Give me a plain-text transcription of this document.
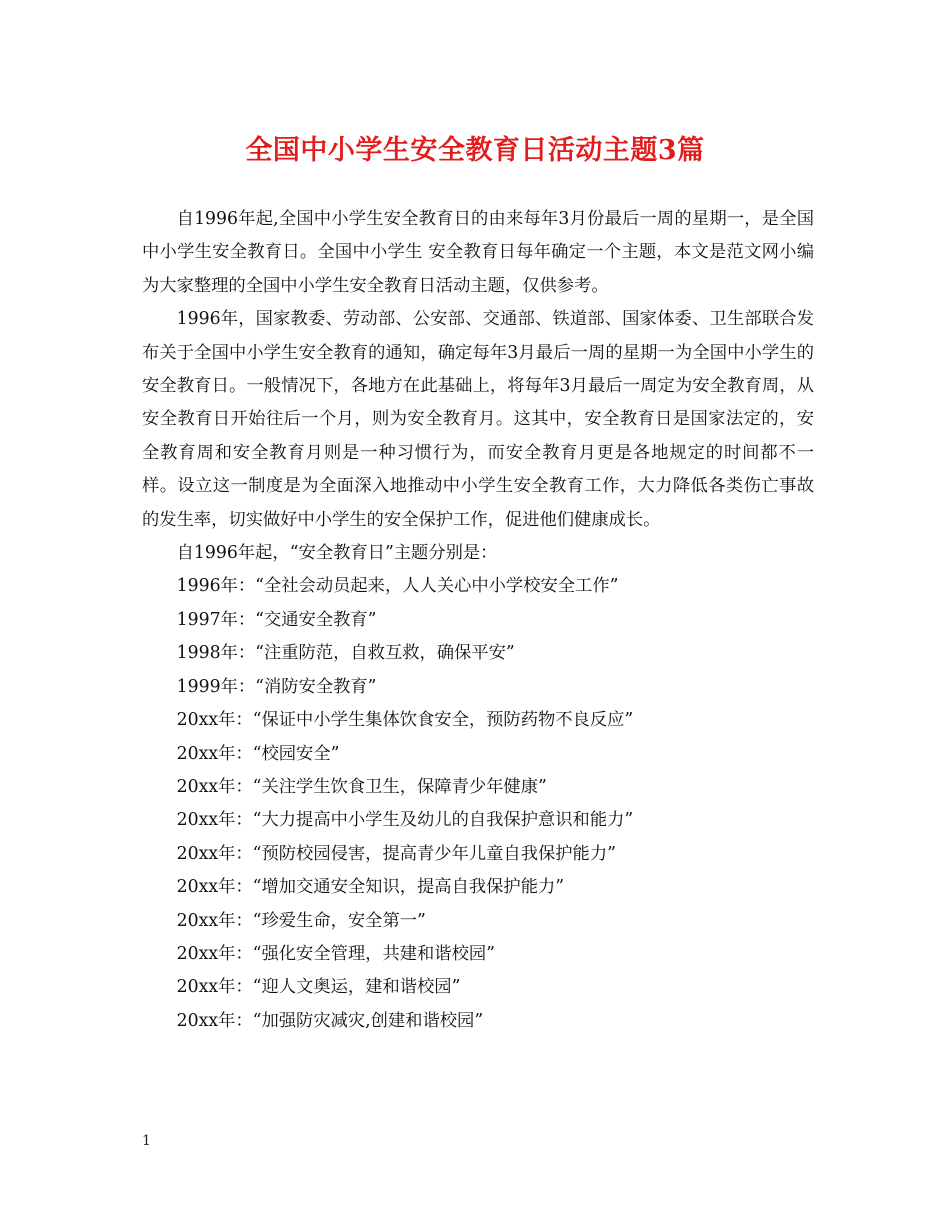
全国中小学生安全教育日活动主题3篇

自1996年起,全国中小学生安全教育日的由来每年3月份最后一周的星期一，是全国中小学生安全教育日。全国中小学生 安全教育日每年确定一个主题，本文是范文网小编为大家整理的全国中小学生安全教育日活动主题，仅供参考。

1996年，国家教委、劳动部、公安部、交通部、铁道部、国家体委、卫生部联合发布关于全国中小学生安全教育的通知，确定每年3月最后一周的星期一为全国中小学生的安全教育日。一般情况下，各地方在此基础上，将每年3月最后一周定为安全教育周，从安全教育日开始往后一个月，则为安全教育月。这其中，安全教育日是国家法定的，安全教育周和安全教育月则是一种习惯行为，而安全教育月更是各地规定的时间都不一样。设立这一制度是为全面深入地推动中小学生安全教育工作，大力降低各类伤亡事故的发生率，切实做好中小学生的安全保护工作，促进他们健康成长。

自1996年起，“安全教育日”主题分别是：

1996年：“全社会动员起来，人人关心中小学校安全工作”

1997年：“交通安全教育”

1998年：“注重防范，自救互救，确保平安”

1999年：“消防安全教育”

20xx年：“保证中小学生集体饮食安全，预防药物不良反应”

20xx年：“校园安全”

20xx年：“关注学生饮食卫生，保障青少年健康”

20xx年：“大力提高中小学生及幼儿的自我保护意识和能力”

20xx年：“预防校园侵害，提高青少年儿童自我保护能力”

20xx年：“增加交通安全知识，提高自我保护能力”

20xx年：“珍爱生命，安全第一”

20xx年：“强化安全管理，共建和谐校园”

20xx年：“迎人文奥运，建和谐校园”

20xx年：“加强防灾减灾,创建和谐校园”

1
